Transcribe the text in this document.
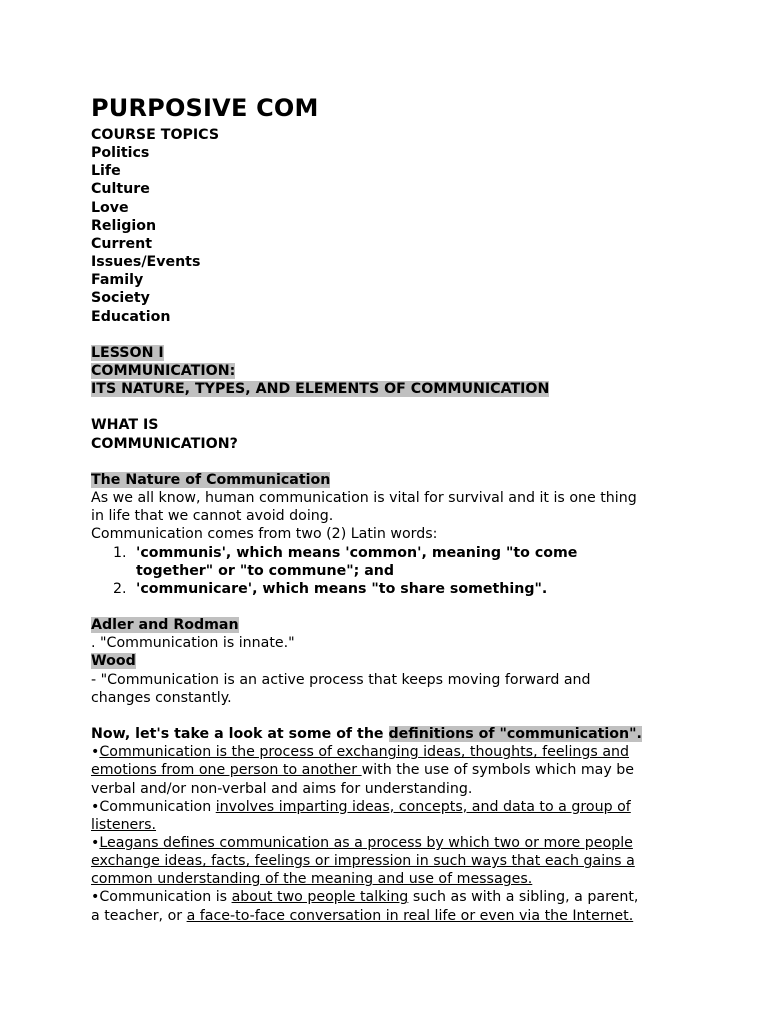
PURPOSIVE COM
COURSE TOPICS
Politics
Life
Culture
Love
Religion
Current
Issues/Events
Family
Society
Education
LESSON I
COMMUNICATION:
ITS NATURE, TYPES, AND ELEMENTS OF COMMUNICATION
WHAT IS
COMMUNICATION?
The Nature of Communication
As we all know, human communication is vital for survival and it is one thing
in life that we cannot avoid doing.
Communication comes from two (2) Latin words:
1. 'communis', which means 'common', meaning "to come
together" or "to commune"; and
2. 'communicare', which means "to share something".
Adler and Rodman
. "Communication is innate."
Wood
- "Communication is an active process that keeps moving forward and
changes constantly.
Now, let's take a look at some of the definitions of "communication".
•Communication is the process of exchanging ideas, thoughts, feelings and
emotions from one person to another with the use of symbols which may be
verbal and/or non-verbal and aims for understanding.
•Communication involves imparting ideas, concepts, and data to a group of
listeners.
•Leagans defines communication as a process by which two or more people
exchange ideas, facts, feelings or impression in such ways that each gains a
common understanding of the meaning and use of messages.
•Communication is about two people talking such as with a sibling, a parent,
a teacher, or a face-to-face conversation in real life or even via the Internet.
